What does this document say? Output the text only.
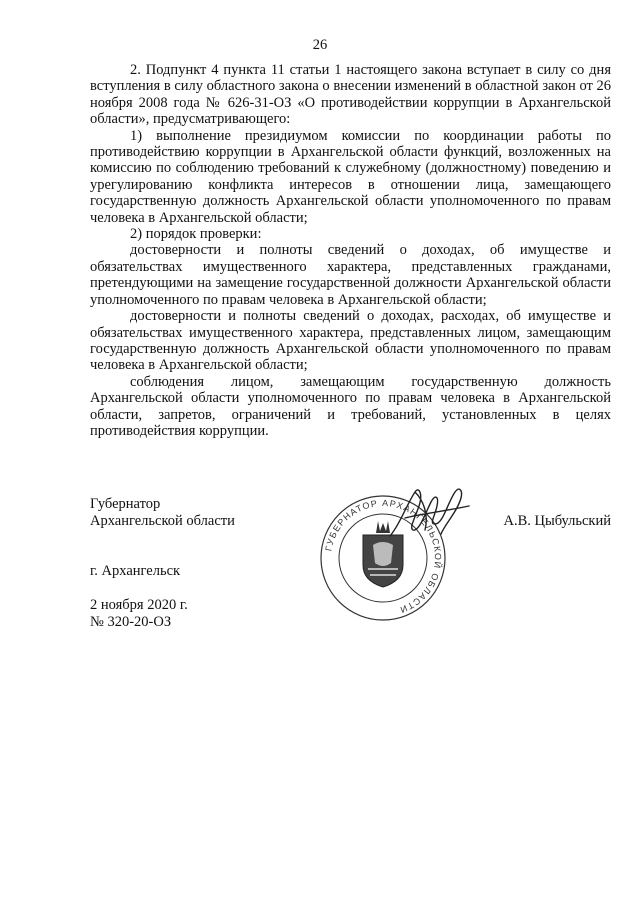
26

2. Подпункт 4 пункта 11 статьи 1 настоящего закона вступает в силу со дня вступления в силу областного закона о внесении изменений в областной закон от 26 ноября 2008 года № 626-31-ОЗ «О противодействии коррупции в Архангельской области», предусматривающего:

1) выполнение президиумом комиссии по координации работы по противодействию коррупции в Архангельской области функций, возложенных на комиссию по соблюдению требований к служебному (должностному) поведению и урегулированию конфликта интересов в отношении лица, замещающего государственную должность Архангельской области уполномоченного по правам человека в Архангельской области;

2) порядок проверки:

достоверности и полноты сведений о доходах, об имуществе и обязательствах имущественного характера, представленных гражданами, претендующими на замещение государственной должности Архангельской области уполномоченного по правам человека в Архангельской области;

достоверности и полноты сведений о доходах, расходах, об имуществе и обязательствах имущественного характера, представленных лицом, замещающим государственную должность Архангельской области уполномоченного по правам человека в Архангельской области;

соблюдения лицом, замещающим государственную должность Архангельской области уполномоченного по правам человека в Архангельской области, запретов, ограничений и требований, установленных в целях противодействия коррупции.

Губернатор
Архангельской области
ГУБЕРНАТОР АРХАНГЕЛЬСКОЙ ОБЛАСТИ
А.В. Цыбульский
г. Архангельск
2 ноября 2020 г.
№ 320-20-ОЗ
